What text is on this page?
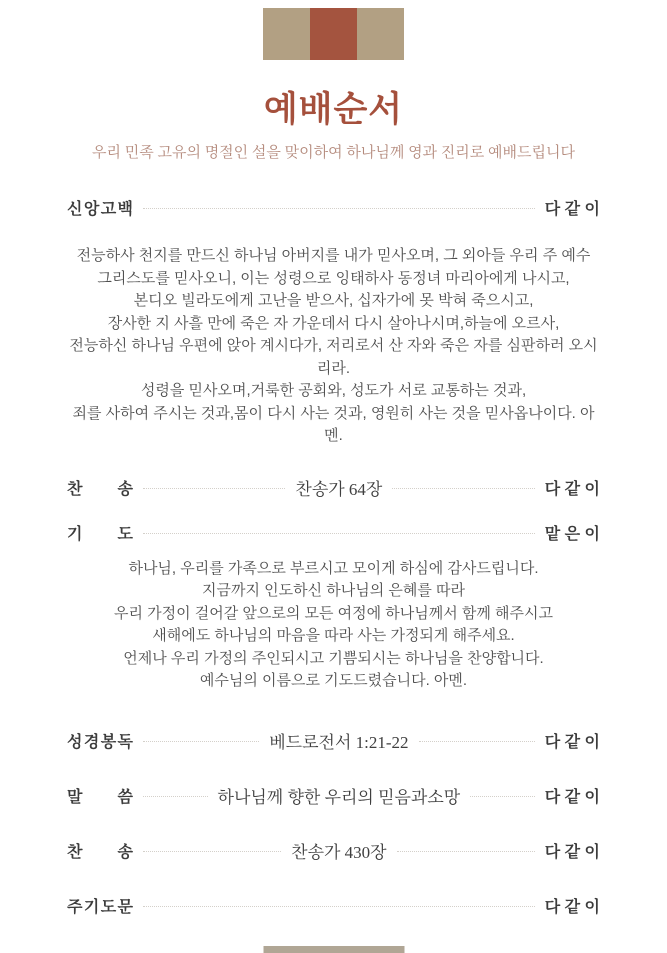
예배순서

우리 민족 고유의 명절인 설을 맞이하여 하나님께 영과 진리로 예배드립니다

신 앙 고 백	다 같 이
전능하사 천지를 만드신 하나님 아버지를 내가 믿사오며, 그 외아들 우리 주 예수
그리스도를 믿사오니, 이는 성령으로 잉태하사 동정녀 마리아에게 나시고,
본디오 빌라도에게 고난을 받으사, 십자가에 못 박혀 죽으시고,
장사한 지 사흘 만에 죽은 자 가운데서 다시 살아나시며,하늘에 오르사,
전능하신 하나님 우편에 앉아 계시다가, 저리로서 산 자와 죽은 자를 심판하러 오시리라.
성령을 믿사오며,거룩한 공회와, 성도가 서로 교통하는 것과,
죄를 사하여 주시는 것과,몸이 다시 사는 것과, 영원히 사는 것을 믿사옵나이다. 아멘.
찬 송	찬송가 64장	다 같 이
기 도	맡 은 이
하나님, 우리를 가족으로 부르시고 모이게 하심에 감사드립니다.
지금까지 인도하신 하나님의 은혜를 따라
우리 가정이 걸어갈 앞으로의 모든 여정에 하나님께서 함께 해주시고
새해에도 하나님의 마음을 따라 사는 가정되게 해주세요.
언제나 우리 가정의 주인되시고 기쁨되시는 하나님을 찬양합니다.
예수님의 이름으로 기도드렸습니다. 아멘.
성 경 봉 독	베드로전서 1:21-22	다 같 이
말 씀	하나님께 향한 우리의 믿음과소망	다 같 이
찬 송	찬송가 430장	다 같 이
주 기 도 문	다 같 이
